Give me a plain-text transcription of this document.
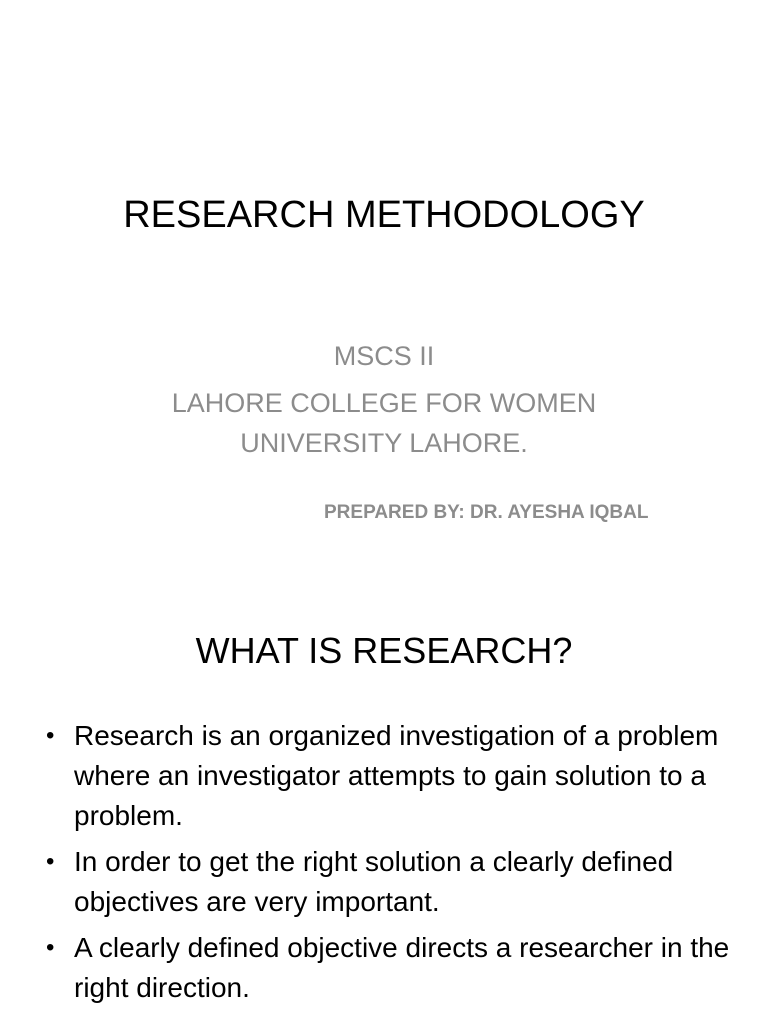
RESEARCH METHODOLOGY
MSCS II
LAHORE COLLEGE FOR WOMEN
UNIVERSITY LAHORE.
PREPARED BY: DR. AYESHA IQBAL
WHAT IS RESEARCH?
• Research is an organized investigation of a problem where an investigator attempts to gain solution to a problem.
• In order to get the right solution a clearly defined objectives are very important.
• A clearly defined objective directs a researcher in the right direction.
